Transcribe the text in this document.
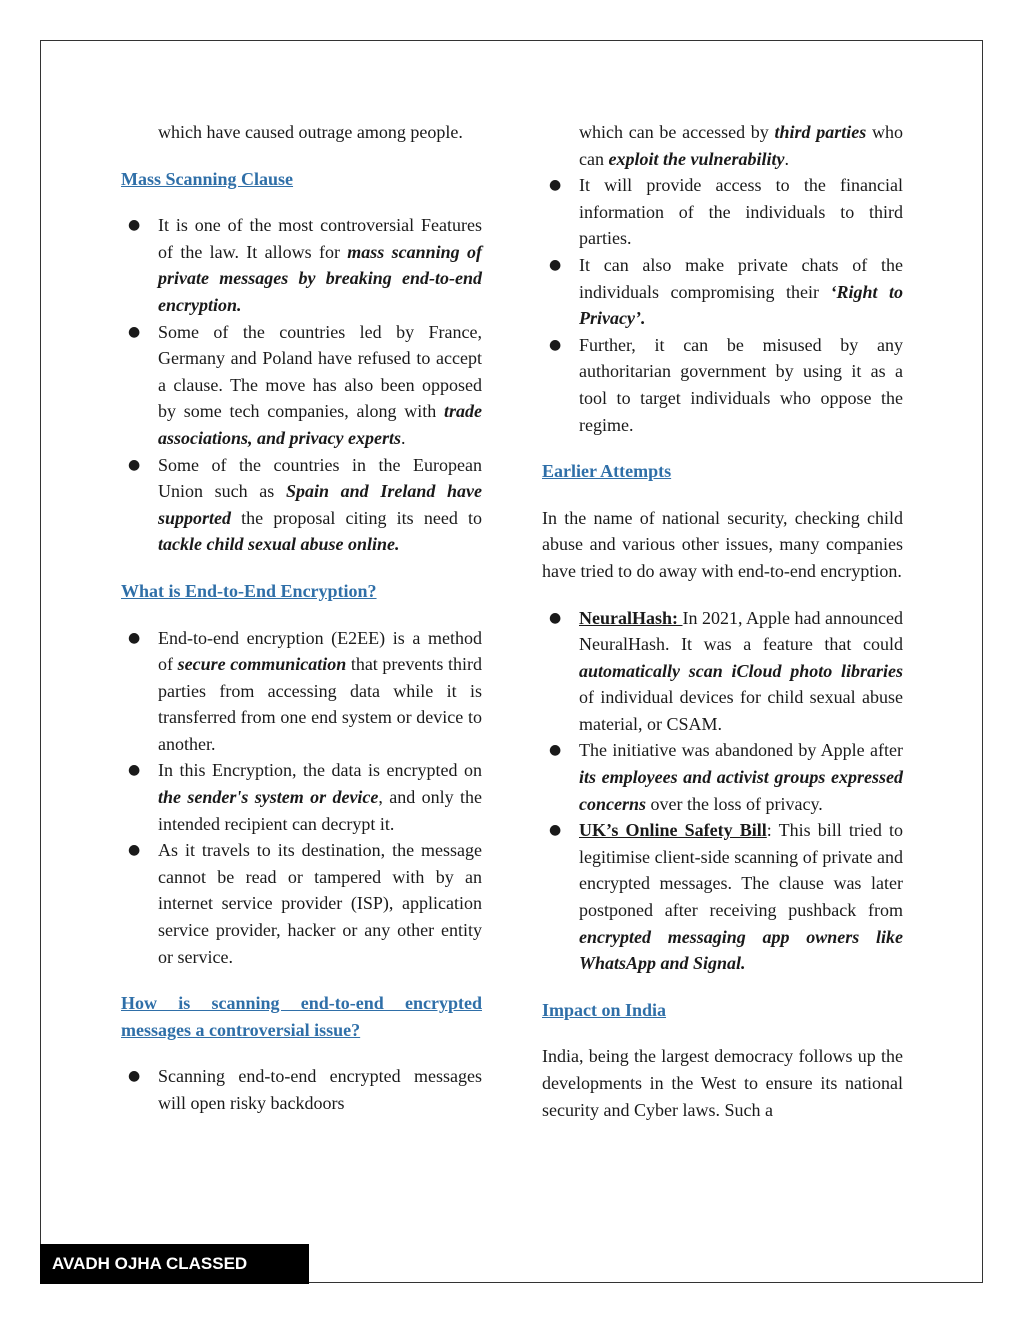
which have caused outrage among people.

Mass Scanning Clause
● It is one of the most controversial Features of the law. It allows for mass scanning of private messages by breaking end-to-end encryption.
● Some of the countries led by France, Germany and Poland have refused to accept a clause. The move has also been opposed by some tech companies, along with trade associations, and privacy experts.
● Some of the countries in the European Union such as Spain and Ireland have supported the proposal citing its need to tackle child sexual abuse online.
What is End-to-End Encryption?
● End-to-end encryption (E2EE) is a method of secure communication that prevents third parties from accessing data while it is transferred from one end system or device to another.
● In this Encryption, the data is encrypted on the sender's system or device, and only the intended recipient can decrypt it.
● As it travels to its destination, the message cannot be read or tampered with by an internet service provider (ISP), application service provider, hacker or any other entity or service.
How is scanning end-to-end encrypted messages a controversial issue?
● Scanning end-to-end encrypted messages will open risky backdoors

which can be accessed by third parties who can exploit the vulnerability.

● It will provide access to the financial information of the individuals to third parties.
● It can also make private chats of the individuals compromising their ‘Right to Privacy’.
● Further, it can be misused by any authoritarian government by using it as a tool to target individuals who oppose the regime.
Earlier Attempts

In the name of national security, checking child abuse and various other issues, many companies have tried to do away with end-to-end encryption.

● NeuralHash: In 2021, Apple had announced NeuralHash. It was a feature that could automatically scan iCloud photo libraries of individual devices for child sexual abuse material, or CSAM.
● The initiative was abandoned by Apple after its employees and activist groups expressed concerns over the loss of privacy.
● UK’s Online Safety Bill: This bill tried to legitimise client-side scanning of private and encrypted messages. The clause was later postponed after receiving pushback from encrypted messaging app owners like WhatsApp and Signal.
Impact on India

India, being the largest democracy follows up the developments in the West to ensure its national security and Cyber laws. Such a

AVADH OJHA CLASSED
